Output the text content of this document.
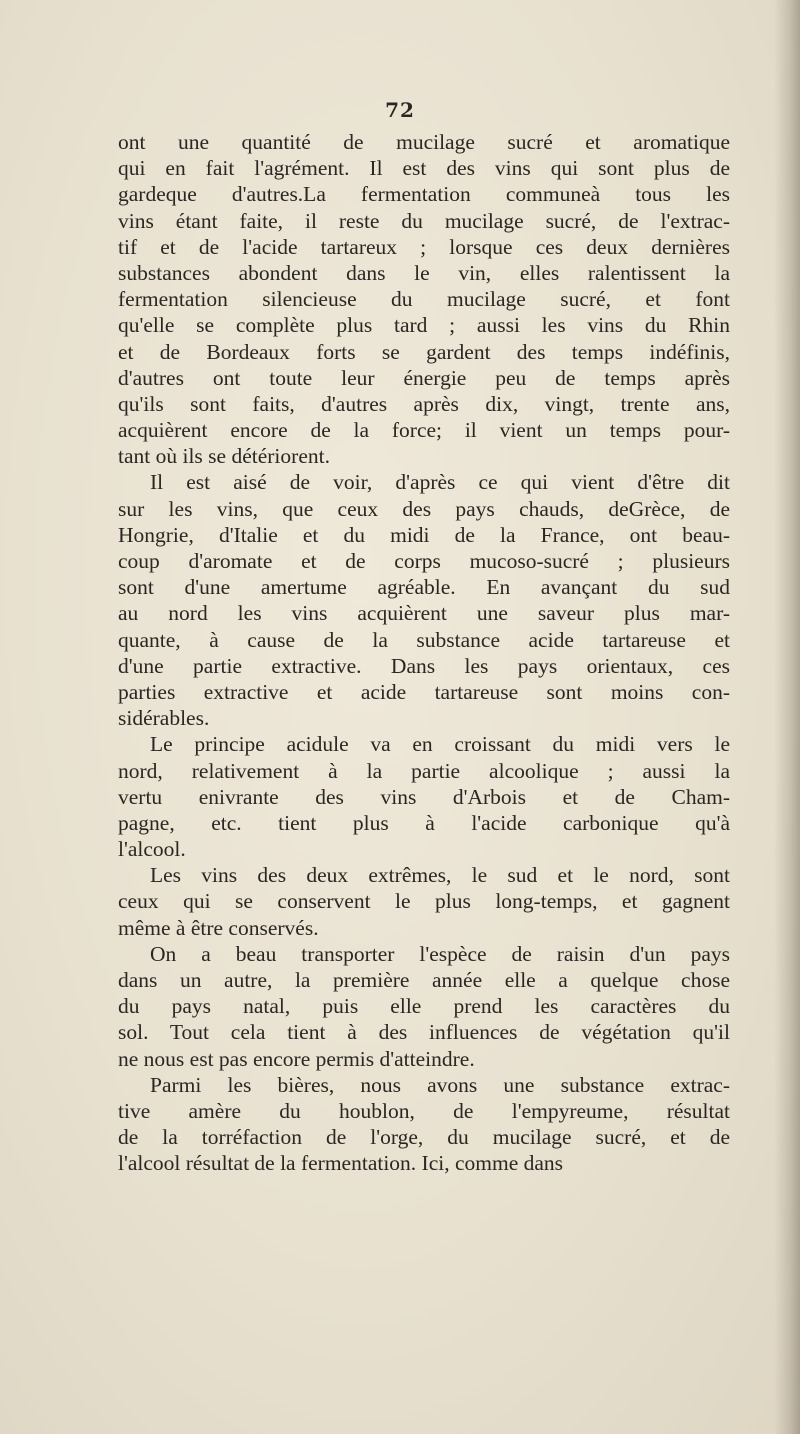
72
ont une quantité de mucilage sucré et aromatique
qui en fait l'agrément. Il est des vins qui sont plus de
gardeque d'autres.La fermentation communeà tous les
vins étant faite, il reste du mucilage sucré, de l'extrac-
tif et de l'acide tartareux ; lorsque ces deux dernières
substances abondent dans le vin, elles ralentissent la
fermentation silencieuse du mucilage sucré, et font
qu'elle se complète plus tard ; aussi les vins du Rhin
et de Bordeaux forts se gardent des temps indéfinis,
d'autres ont toute leur énergie peu de temps après
qu'ils sont faits, d'autres après dix, vingt, trente ans,
acquièrent encore de la force; il vient un temps pour-
tant où ils se détériorent.
Il est aisé de voir, d'après ce qui vient d'être dit
sur les vins, que ceux des pays chauds, deGrèce, de
Hongrie, d'Italie et du midi de la France, ont beau-
coup d'aromate et de corps mucoso-sucré ; plusieurs
sont d'une amertume agréable. En avançant du sud
au nord les vins acquièrent une saveur plus mar-
quante, à cause de la substance acide tartareuse et
d'une partie extractive. Dans les pays orientaux, ces
parties extractive et acide tartareuse sont moins con-
sidérables.
Le principe acidule va en croissant du midi vers le
nord, relativement à la partie alcoolique ; aussi la
vertu enivrante des vins d'Arbois et de Cham-
pagne, etc. tient plus à l'acide carbonique qu'à
l'alcool.
Les vins des deux extrêmes, le sud et le nord, sont
ceux qui se conservent le plus long-temps, et gagnent
même à être conservés.
On a beau transporter l'espèce de raisin d'un pays
dans un autre, la première année elle a quelque chose
du pays natal, puis elle prend les caractères du
sol. Tout cela tient à des influences de végétation qu'il
ne nous est pas encore permis d'atteindre.
Parmi les bières, nous avons une substance extrac-
tive amère du houblon, de l'empyreume, résultat
de la torréfaction de l'orge, du mucilage sucré, et de
l'alcool résultat de la fermentation. Ici, comme dans
